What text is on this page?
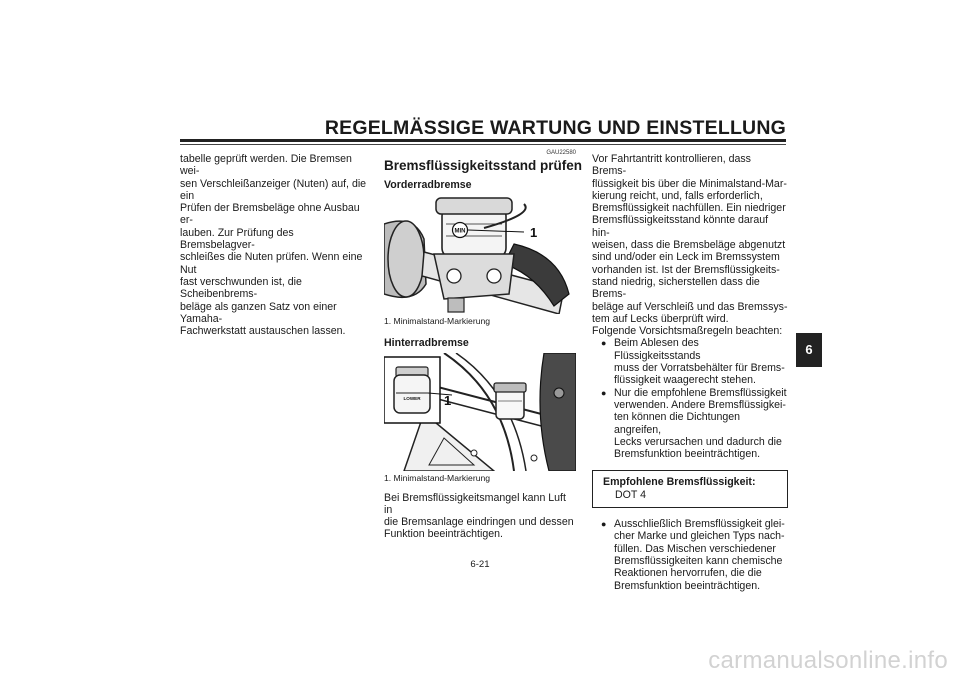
REGELMÄSSIGE WARTUNG UND EINSTELLUNG

tabelle geprüft werden. Die Bremsen wei-
sen Verschleißanzeiger (Nuten) auf, die ein
Prüfen der Bremsbeläge ohne Ausbau er-
lauben. Zur Prüfung des Bremsbelagver-
schleißes die Nuten prüfen. Wenn eine Nut
fast verschwunden ist, die Scheibenbrems-
beläge als ganzen Satz von einer Yamaha-
Fachwerkstatt austauschen lassen.

GAU22580
Bremsflüssigkeitsstand prüfen
Vorderradbremse
MIN	1
1. Minimalstand-Markierung
Hinterradbremse
LOWER 1
1. Minimalstand-Markierung

Bei Bremsflüssigkeitsmangel kann Luft in
die Bremsanlage eindringen und dessen
Funktion beeinträchtigen.

Vor Fahrtantritt kontrollieren, dass Brems-
flüssigkeit bis über die Minimalstand-Mar-
kierung reicht, und, falls erforderlich,
Bremsflüssigkeit nachfüllen. Ein niedriger
Bremsflüssigkeitsstand könnte darauf hin-
weisen, dass die Bremsbeläge abgenutzt
sind und/oder ein Leck im Bremssystem
vorhanden ist. Ist der Bremsflüssigkeits-
stand niedrig, sicherstellen dass die Brems-
beläge auf Verschleiß und das Bremssys-
tem auf Lecks überprüft wird.

Folgende Vorsichtsmaßregeln beachten:

● Beim Ablesen des Flüssigkeitsstands
muss der Vorratsbehälter für Brems-
flüssigkeit waagerecht stehen.
● Nur die empfohlene Bremsflüssigkeit
verwenden. Andere Bremsflüssigkei-
ten können die Dichtungen angreifen,
Lecks verursachen und dadurch die
Bremsfunktion beeinträchtigen.
Empfohlene Bremsflüssigkeit:
DOT 4
● Ausschließlich Bremsflüssigkeit glei-
cher Marke und gleichen Typs nach-
füllen. Das Mischen verschiedener
Bremsflüssigkeiten kann chemische
Reaktionen hervorrufen, die die
Bremsfunktion beeinträchtigen.
6
6-21
carmanualsonline.info
